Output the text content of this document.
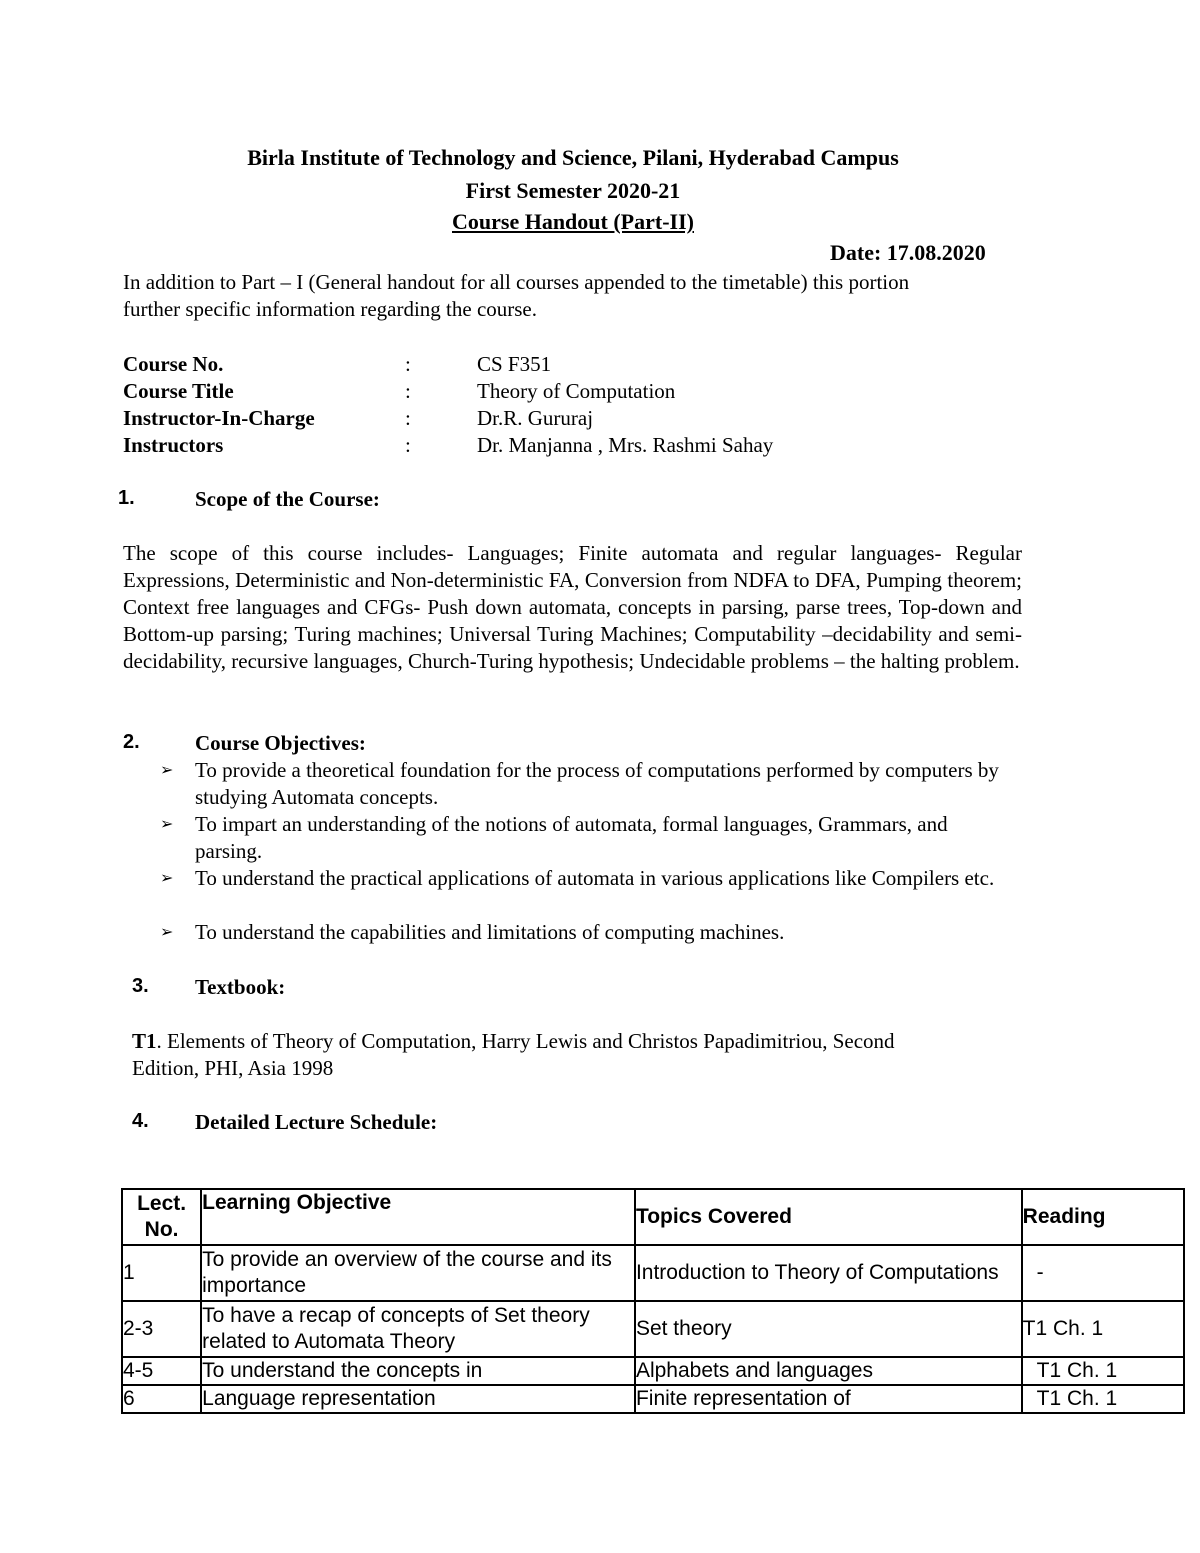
Birla Institute of Technology and Science, Pilani, Hyderabad Campus
First Semester 2020-21
Course Handout (Part-II)
Date: 17.08.2020
In addition to Part – I (General handout for all courses appended to the timetable) this portion
further specific information regarding the course.
Course No.	:	CS F351
Course Title	:	Theory of Computation
Instructor-In-Charge	:	Dr.R. Gururaj
Instructors	:	Dr. Manjanna , Mrs. Rashmi Sahay
1.	Scope of the Course:
The scope of this course includes- Languages; Finite automata and regular languages- Regular Expressions, Deterministic and Non-deterministic FA, Conversion from NDFA to DFA, Pumping theorem; Context free languages and CFGs- Push down automata, concepts in parsing, parse trees, Top-down and Bottom-up parsing; Turing machines; Universal Turing Machines; Computability –decidability and semi-decidability, recursive languages, Church-Turing hypothesis; Undecidable problems – the halting problem.
2.	Course Objectives:
➢ To provide a theoretical foundation for the process of computations performed by computers by studying Automata concepts.
➢ To impart an understanding of the notions of automata, formal languages, Grammars, and parsing.
➢ To understand the practical applications of automata in various applications like Compilers etc.
➢ To understand the capabilities and limitations of computing machines.
3. Textbook:
T1. Elements of Theory of Computation, Harry Lewis and Christos Papadimitriou, Second
Edition, PHI, Asia 1998
4. Detailed Lecture Schedule:
Lect.
No.	Learning Objective	Topics Covered	Reading
1	To provide an overview of the course and its importance	Introduction to Theory of Computations	-
2-3	To have a recap of concepts of Set theory related to Automata Theory	Set theory	T1 Ch. 1
4-5	To understand the concepts in	Alphabets and languages	T1 Ch. 1
6	Language representation	Finite representation of	T1 Ch. 1
